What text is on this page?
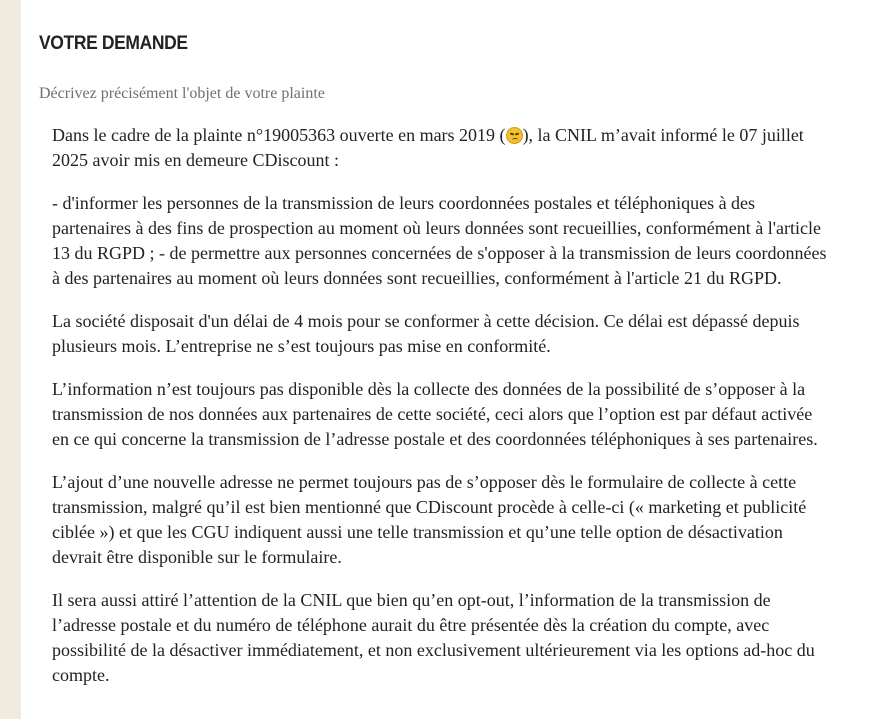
VOTRE DEMANDE
Décrivez précisément l'objet de votre plainte

Dans le cadre de la plainte n°19005363 ouverte en mars 2019 ( ), la CNIL m’avait informé le 07 juillet 2025 avoir mis en demeure CDiscount :

- d'informer les personnes de la transmission de leurs coordonnées postales et téléphoniques à des partenaires à des fins de prospection au moment où leurs données sont recueillies, conformément à l'article 13 du RGPD ; - de permettre aux personnes concernées de s'opposer à la transmission de leurs coordonnées à des partenaires au moment où leurs données sont recueillies, conformément à l'article 21 du RGPD.

La société disposait d'un délai de 4 mois pour se conformer à cette décision. Ce délai est dépassé depuis plusieurs mois. L’entreprise ne s’est toujours pas mise en conformité.

L’information n’est toujours pas disponible dès la collecte des données de la possibilité de s’opposer à la transmission de nos données aux partenaires de cette société, ceci alors que l’option est par défaut activée en ce qui concerne la transmission de l’adresse postale et des coordonnées téléphoniques à ses partenaires.

L’ajout d’une nouvelle adresse ne permet toujours pas de s’opposer dès le formulaire de collecte à cette transmission, malgré qu’il est bien mentionné que CDiscount procède à celle-ci (« marketing et publicité ciblée ») et que les CGU indiquent aussi une telle transmission et qu’une telle option de désactivation devrait être disponible sur le formulaire.

Il sera aussi attiré l’attention de la CNIL que bien qu’en opt-out, l’information de la transmission de l’adresse postale et du numéro de téléphone aurait du être présentée dès la création du compte, avec possibilité de la désactiver immédiatement, et non exclusivement ultérieurement via les options ad-hoc du compte.
